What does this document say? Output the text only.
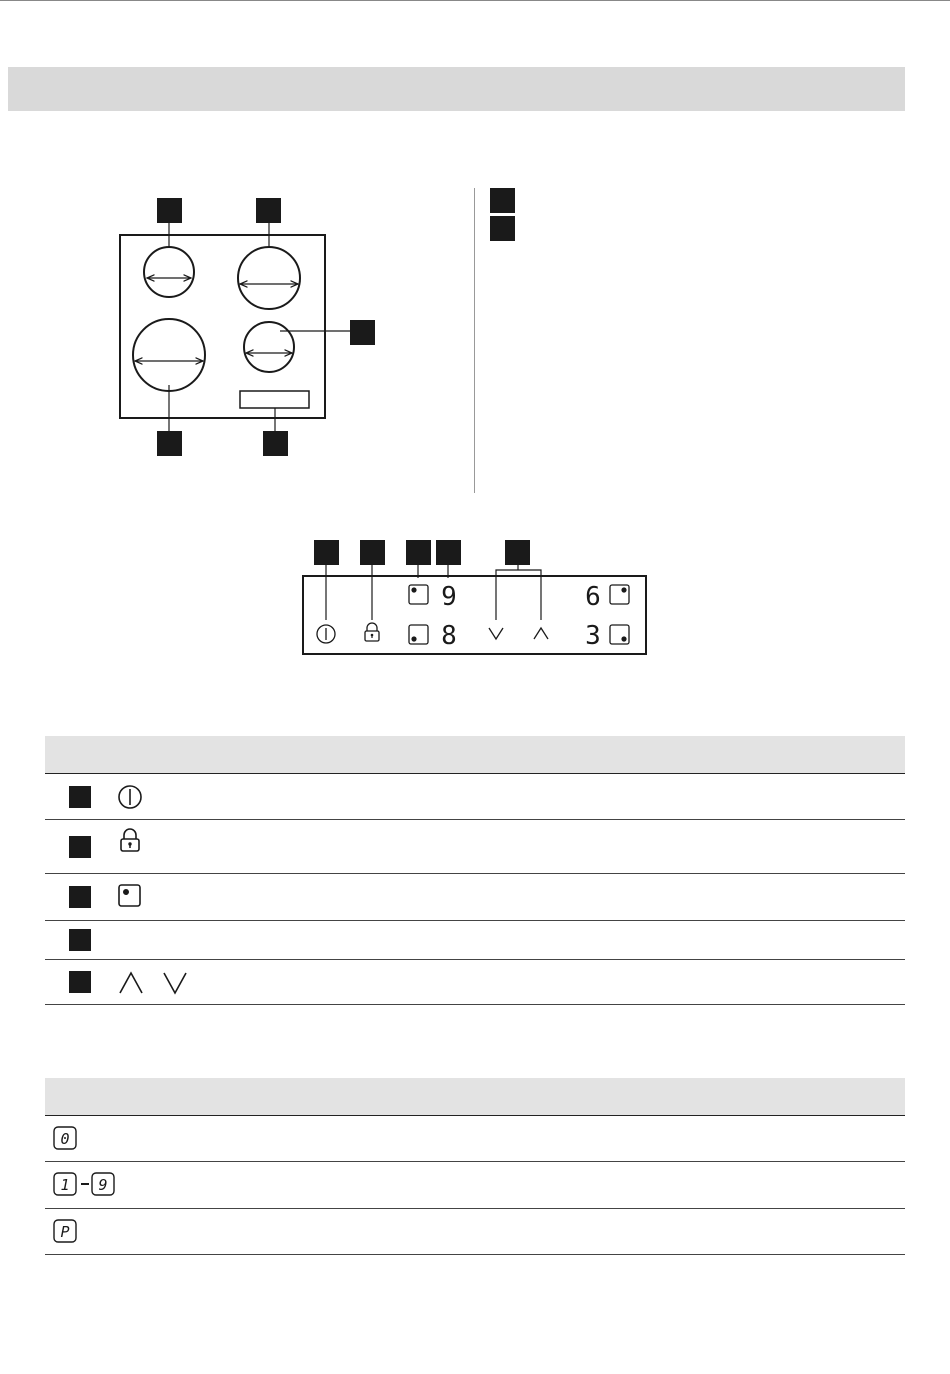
9
8
6
3
0
1 9
P
